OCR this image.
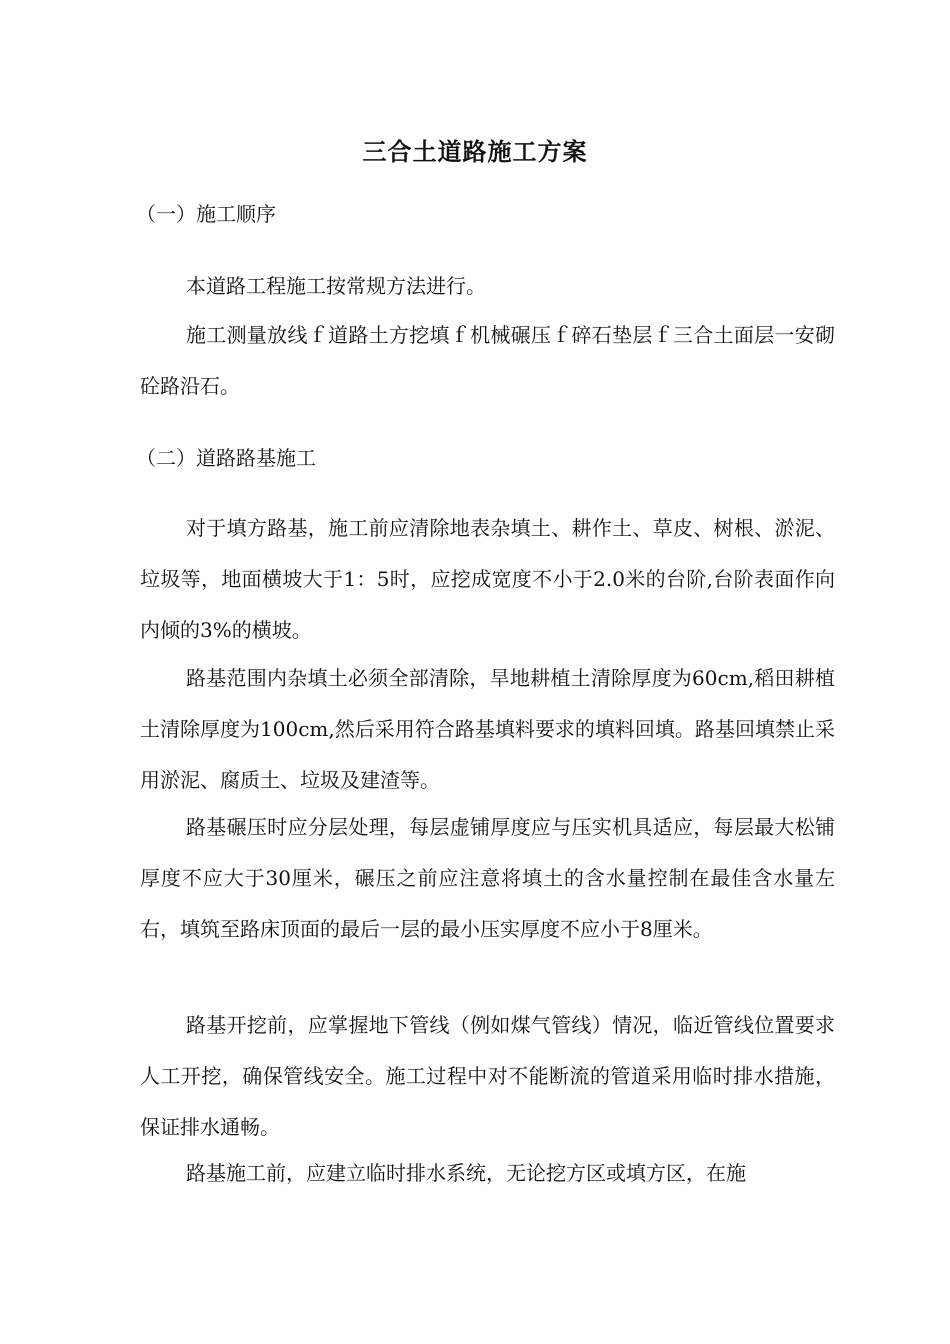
三合土道路施工方案
（一）施工顺序

本道路工程施工按常规方法进行。

施工测量放线ｆ道路土方挖填ｆ机械碾压ｆ碎石垫层ｆ三合土面层一安砌砼路沿石。

（二）道路路基施工

对于填方路基，施工前应清除地表杂填土、耕作土、草皮、树根、淤泥、垃圾等，地面横坡大于1：5时，应挖成宽度不小于2.0米的台阶,台阶表面作向内倾的3%的横坡。

路基范围内杂填土必须全部清除，旱地耕植土清除厚度为60cm,稻田耕植土清除厚度为100cm,然后采用符合路基填料要求的填料回填。路基回填禁止采用淤泥、腐质土、垃圾及建渣等。

路基碾压时应分层处理，每层虚铺厚度应与压实机具适应，每层最大松铺厚度不应大于30厘米，碾压之前应注意将填土的含水量控制在最佳含水量左右，填筑至路床顶面的最后一层的最小压实厚度不应小于8厘米。

路基开挖前，应掌握地下管线（例如煤气管线）情况，临近管线位置要求人工开挖，确保管线安全。施工过程中对不能断流的管道采用临时排水措施，保证排水通畅。

路基施工前，应建立临时排水系统，无论挖方区或填方区，在施
